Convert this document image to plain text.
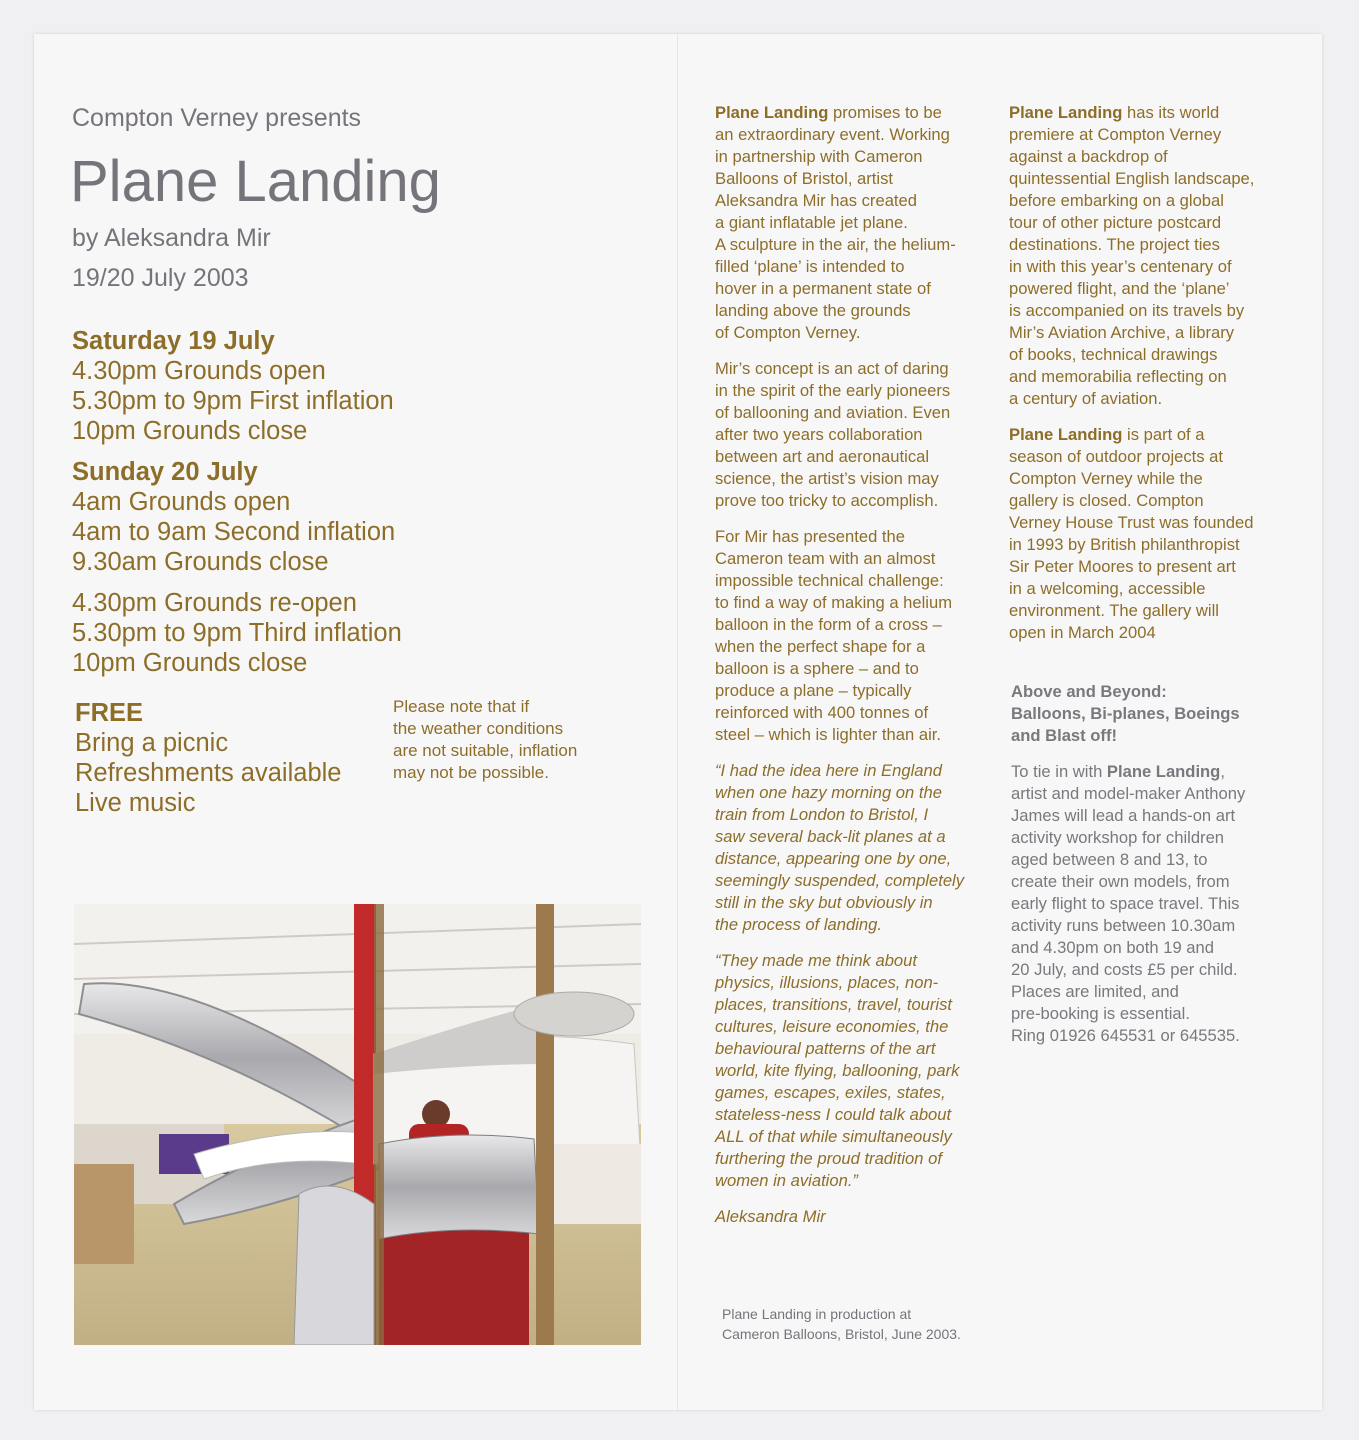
Compton Verney presents
Plane Landing
by Aleksandra Mir
19/20 July 2003
Saturday 19 July
4.30pm Grounds open
5.30pm to 9pm First inflation
10pm Grounds close
Sunday 20 July
4am Grounds open
4am to 9am Second inflation
9.30am Grounds close
4.30pm Grounds re-open
5.30pm to 9pm Third inflation
10pm Grounds close
FREE
Bring a picnic
Refreshments available
Live music
Please note that if
the weather conditions
are not suitable, inflation
may not be possible.

Plane Landing promises to be
an extraordinary event. Working
in partnership with Cameron
Balloons of Bristol, artist
Aleksandra Mir has created
a giant inflatable jet plane.
A sculpture in the air, the helium-
filled ‘plane’ is intended to
hover in a permanent state of
landing above the grounds
of Compton Verney.

Mir’s concept is an act of daring
in the spirit of the early pioneers
of ballooning and aviation. Even
after two years collaboration
between art and aeronautical
science, the artist’s vision may
prove too tricky to accomplish.

For Mir has presented the
Cameron team with an almost
impossible technical challenge:
to find a way of making a helium
balloon in the form of a cross –
when the perfect shape for a
balloon is a sphere – and to
produce a plane – typically
reinforced with 400 tonnes of
steel – which is lighter than air.

“I had the idea here in England
when one hazy morning on the
train from London to Bristol, I
saw several back-lit planes at a
distance, appearing one by one,
seemingly suspended, completely
still in the sky but obviously in
the process of landing.

“They made me think about
physics, illusions, places, non-
places, transitions, travel, tourist
cultures, leisure economies, the
behavioural patterns of the art
world, kite flying, ballooning, park
games, escapes, exiles, states,
stateless-ness I could talk about
ALL of that while simultaneously
furthering the proud tradition of
women in aviation.”

Aleksandra Mir

Plane Landing in production at
Cameron Balloons, Bristol, June 2003.

Plane Landing has its world
premiere at Compton Verney
against a backdrop of
quintessential English landscape,
before embarking on a global
tour of other picture postcard
destinations. The project ties
in with this year’s centenary of
powered flight, and the ‘plane’
is accompanied on its travels by
Mir’s Aviation Archive, a library
of books, technical drawings
and memorabilia reflecting on
a century of aviation.

Plane Landing is part of a
season of outdoor projects at
Compton Verney while the
gallery is closed. Compton
Verney House Trust was founded
in 1993 by British philanthropist
Sir Peter Moores to present art
in a welcoming, accessible
environment. The gallery will
open in March 2004

Above and Beyond:
Balloons, Bi-planes, Boeings
and Blast off!

To tie in with Plane Landing,
artist and model-maker Anthony
James will lead a hands-on art
activity workshop for children
aged between 8 and 13, to
create their own models, from
early flight to space travel. This
activity runs between 10.30am
and 4.30pm on both 19 and
20 July, and costs £5 per child.
Places are limited, and
pre-booking is essential.
Ring 01926 645531 or 645535.
